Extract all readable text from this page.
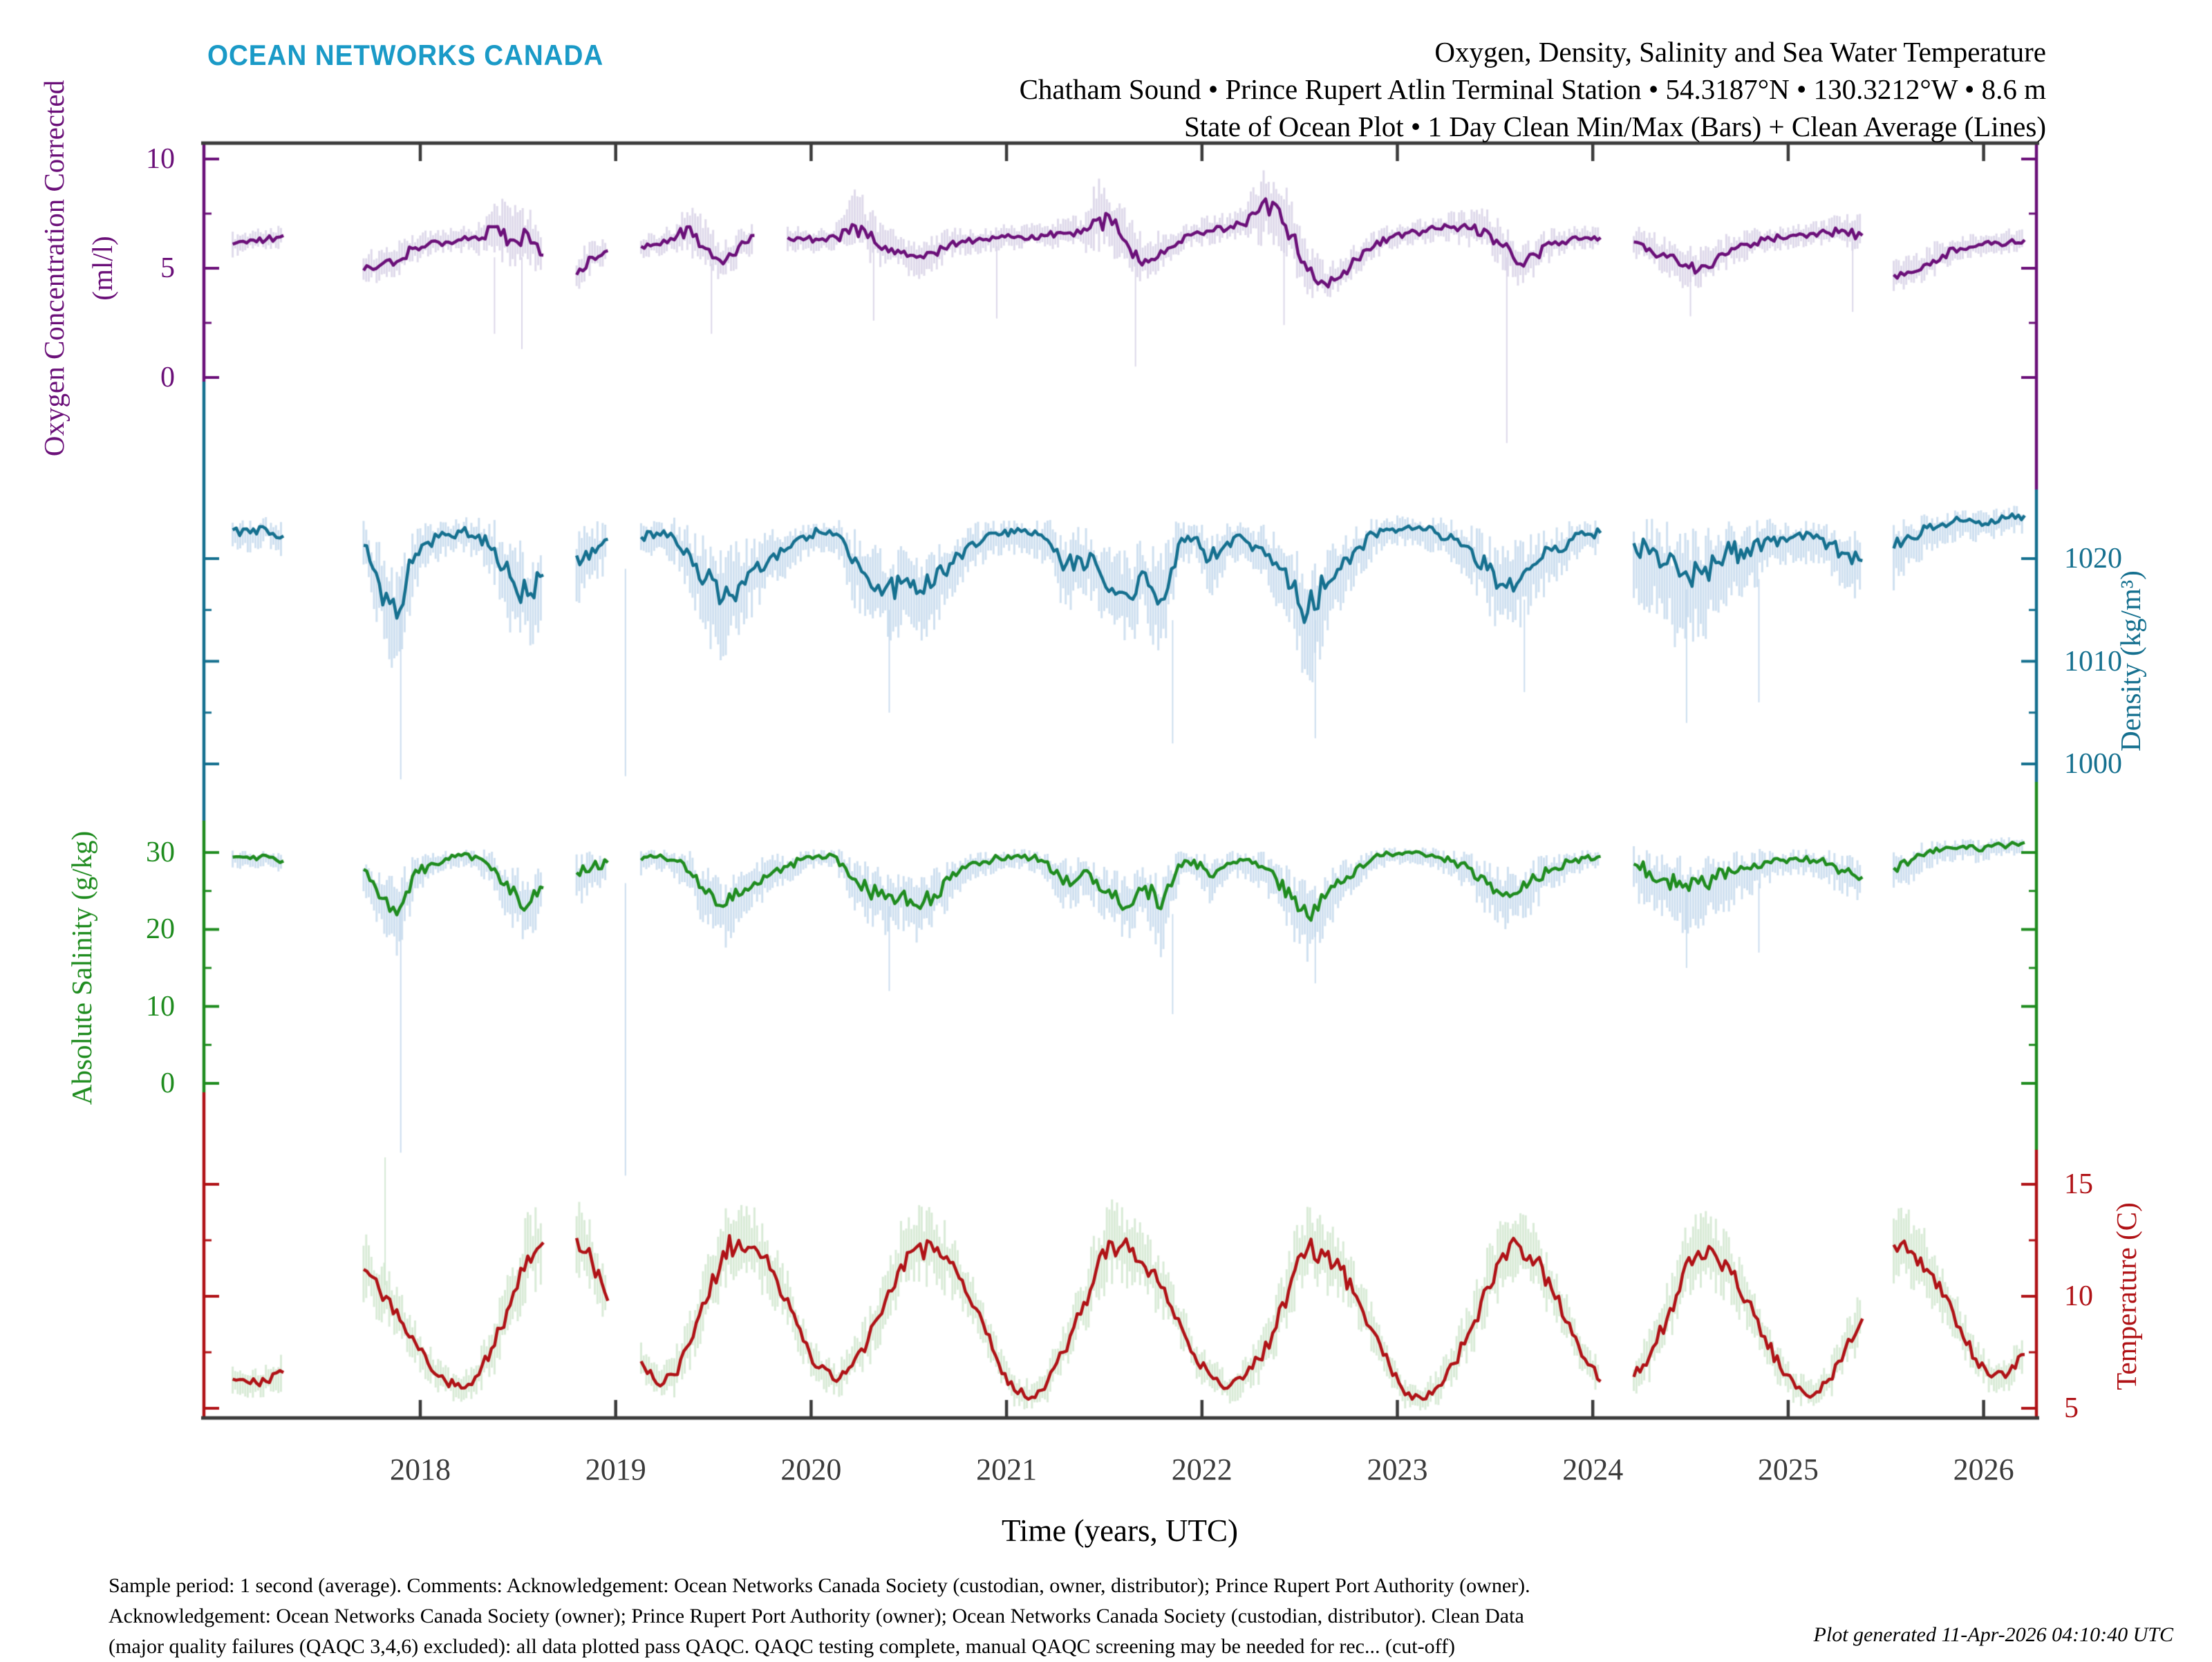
OCEAN NETWORKS CANADA	Oxygen, Density, Salinity and Sea Water Temperature
Chatham Sound • Prince Rupert Atlin Terminal Station • 54.3187°N • 130.3212°W • 8.6 m
State of Ocean Plot • 1 Day Clean Min/Max (Bars) + Clean Average (Lines)
Oxygen Concentration Corrected (ml/l)
Density (kg/m³)
Absolute Salinity (g/kg)
Temperature (C)
Time (years, UTC)
0
5
10
1000
1010
1020
0
10
20
30
5
10
15
2018	2019	2020	2021	2022	2023	2024	2025	2026
Sample period: 1 second (average). Comments: Acknowledgement: Ocean Networks Canada Society (custodian, owner, distributor); Prince Rupert Port Authority (owner).
Acknowledgement: Ocean Networks Canada Society (owner); Prince Rupert Port Authority (owner); Ocean Networks Canada Society (custodian, distributor). Clean Data
(major quality failures (QAQC 3,4,6) excluded): all data plotted pass QAQC. QAQC testing complete, manual QAQC screening may be needed for rec... (cut-off)
Plot generated 11-Apr-2026 04:10:40 UTC
